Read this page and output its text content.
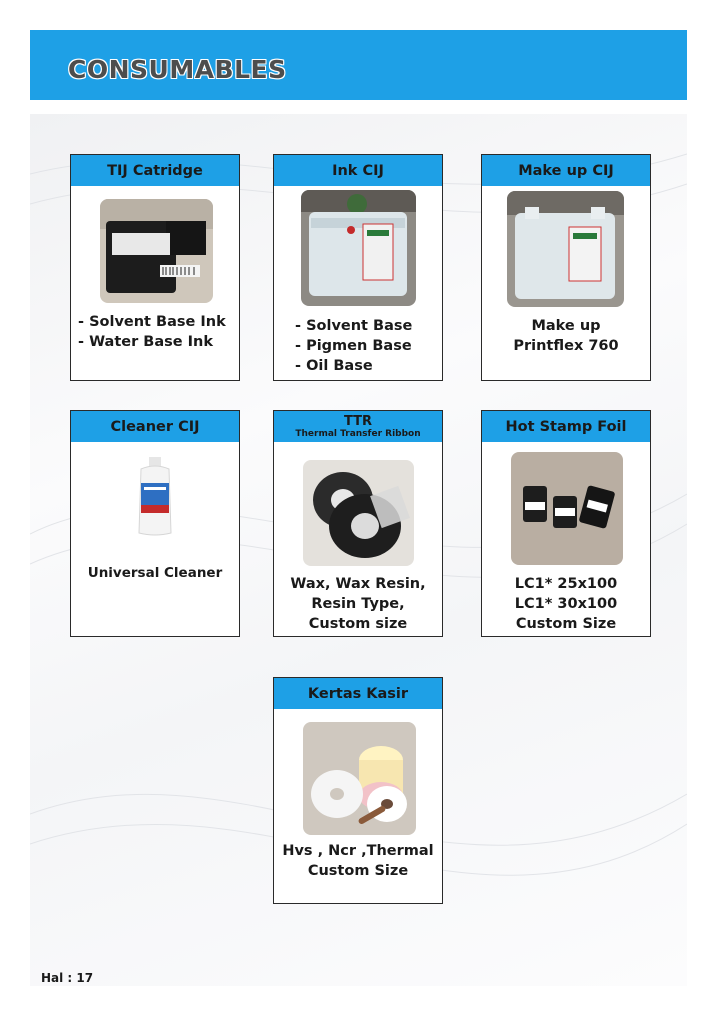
CONSUMABLES
TIJ Catridge
- Solvent Base Ink
- Water Base Ink
Ink CIJ
- Solvent Base
- Pigmen Base
- Oil Base
Make up CIJ
Make up
Printflex 760
Cleaner CIJ
Universal Cleaner
TTR
Thermal Transfer Ribbon
Wax, Wax Resin,
Resin Type,
Custom size
Hot Stamp Foil
LC1* 25x100
LC1* 30x100
Custom Size
Kertas Kasir
Hvs , Ncr ,Thermal
Custom Size
Hal : 17
